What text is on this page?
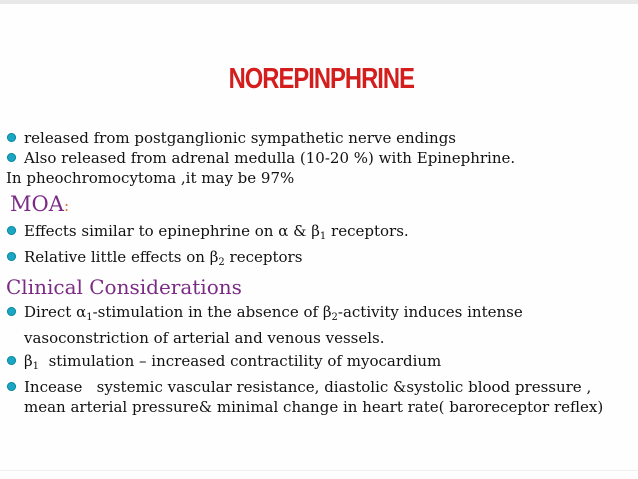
NOREPINPHRINE
released from postganglionic sympathetic nerve endings
Also released from adrenal medulla (10-20 %) with Epinephrine.
In pheochromocytoma ,it may be 97%
MOA:
Effects similar to epinephrine on α & $\beta_1$ receptors.
Relative little effects on $\beta_2$ receptors
Clinical Considerations
Direct $\alpha_1$-stimulation in the absence of $\beta_2$-activity induces intense vasoconstriction of arterial and venous vessels.
$\beta_1$  stimulation – increased contractility of myocardium
Incease   systemic vascular resistance, diastolic &systolic blood pressure , mean arterial pressure& minimal change in heart rate( baroreceptor reflex)
